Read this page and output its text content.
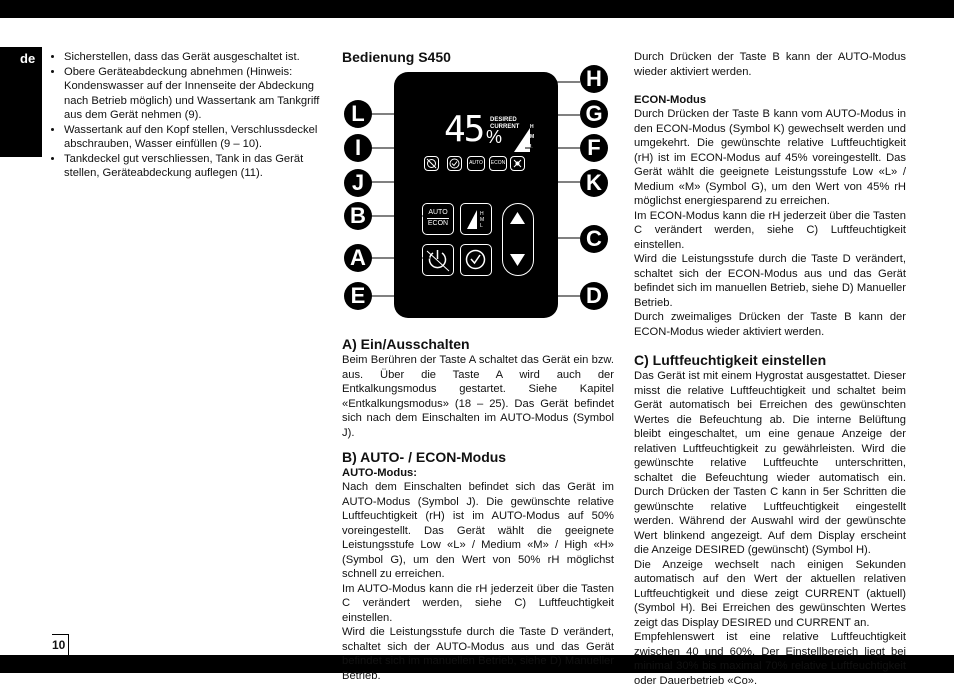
de
10
• Sicherstellen, dass das Gerät ausgeschaltet ist.
• Obere Geräteabdeckung abnehmen (Hinweis: Kondenswasser auf der Innenseite der Abdeckung nach Betrieb möglich) und Wassertank am Tankgriff aus dem Gerät nehmen (9).
• Wassertank auf den Kopf stellen, Verschlussdeckel abschrauben, Wasser einfüllen (9 – 10).
• Tankdeckel gut verschliessen, Tank in das Gerät stellen, Geräteabdeckung auflegen (11).
Bedienung S450
45 %
DESIRED
CURRENT H
M
L
AUTO	ECON
AUTO
ECON
H
M
L
H
L	G
I	F
J	K
B
C
A
E	D
A) Ein/Ausschalten

Beim Berühren der Taste A schaltet das Gerät ein bzw. aus. Über die Taste A wird auch der Entkalkungsmodus gestartet. Siehe Kapitel «Entkalkungsmodus» (18 – 25). Das Gerät befindet sich nach dem Einschalten im AUTO-Modus (Symbol J).

B) AUTO- / ECON-Modus
AUTO-Modus:

Nach dem Einschalten befindet sich das Gerät im AUTO-Modus (Symbol J). Die gewünschte relative Luftfeuchtigkeit (rH) ist im AUTO-Modus auf 50% voreingestellt. Das Gerät wählt die geeignete Leistungsstufe Low «L» / Medium «M» / High «H» (Symbol G), um den Wert von 50% rH möglichst schnell zu erreichen.

Im AUTO-Modus kann die rH jederzeit über die Tasten C verändert werden, siehe C) Luftfeuchtigkeit einstellen.

Wird die Leistungsstufe durch die Taste D verändert, schaltet sich der AUTO-Modus aus und das Gerät befindet sich im manuellen Betrieb, siehe D) Manueller Betrieb.

Durch Drücken der Taste B kann der AUTO-Modus wieder aktiviert werden.

ECON-Modus

Durch Drücken der Taste B kann vom AUTO-Modus in den ECON-Modus (Symbol K) gewechselt werden und umgekehrt. Die gewünschte relative Luftfeuchtigkeit (rH) ist im ECON-Modus auf 45% voreingestellt. Das Gerät wählt die geeignete Leistungsstufe Low «L» / Medium «M» (Symbol G), um den Wert von 45% rH möglichst energiesparend zu erreichen.

Im ECON-Modus kann die rH jederzeit über die Tasten C verändert werden, siehe C) Luftfeuchtigkeit einstellen.

Wird die Leistungsstufe durch die Taste D verändert, schaltet sich der ECON-Modus aus und das Gerät befindet sich im manuellen Betrieb, siehe D) Manueller Betrieb.

Durch zweimaliges Drücken der Taste B kann der ECON-Modus wieder aktiviert werden.

C) Luftfeuchtigkeit einstellen

Das Gerät ist mit einem Hygrostat ausgestattet. Dieser misst die relative Luftfeuchtigkeit und schaltet beim Gerät automatisch bei Erreichen des gewünschten Wertes die Befeuchtung ab. Die interne Belüftung bleibt eingeschaltet, um eine genaue Anzeige der relativen Luftfeuchtigkeit zu gewährleisten. Wird die gewünschte relative Luftfeuchte unterschritten, schaltet die Befeuchtung wieder automatisch ein. Durch Drücken der Tasten C kann in 5er Schritten die gewünschte relative Luftfeuchtigkeit eingestellt werden. Während der Auswahl wird der gewünschte Wert blinkend angezeigt. Auf dem Display erscheint die Anzeige DESIRED (gewünscht) (Symbol H).

Die Anzeige wechselt nach einigen Sekunden automatisch auf den Wert der aktuellen relativen Luftfeuchtigkeit und diese zeigt CURRENT (aktuell) (Symbol H). Bei Erreichen des gewünschten Wertes zeigt das Display DESIRED und CURRENT an.

Empfehlenswert ist eine relative Luftfeuchtigkeit zwischen 40 und 60%. Der Einstellbereich liegt bei minimal 30% bis maximal 70% relative Luftfeuchtigkeit oder Dauerbetrieb «Co».
